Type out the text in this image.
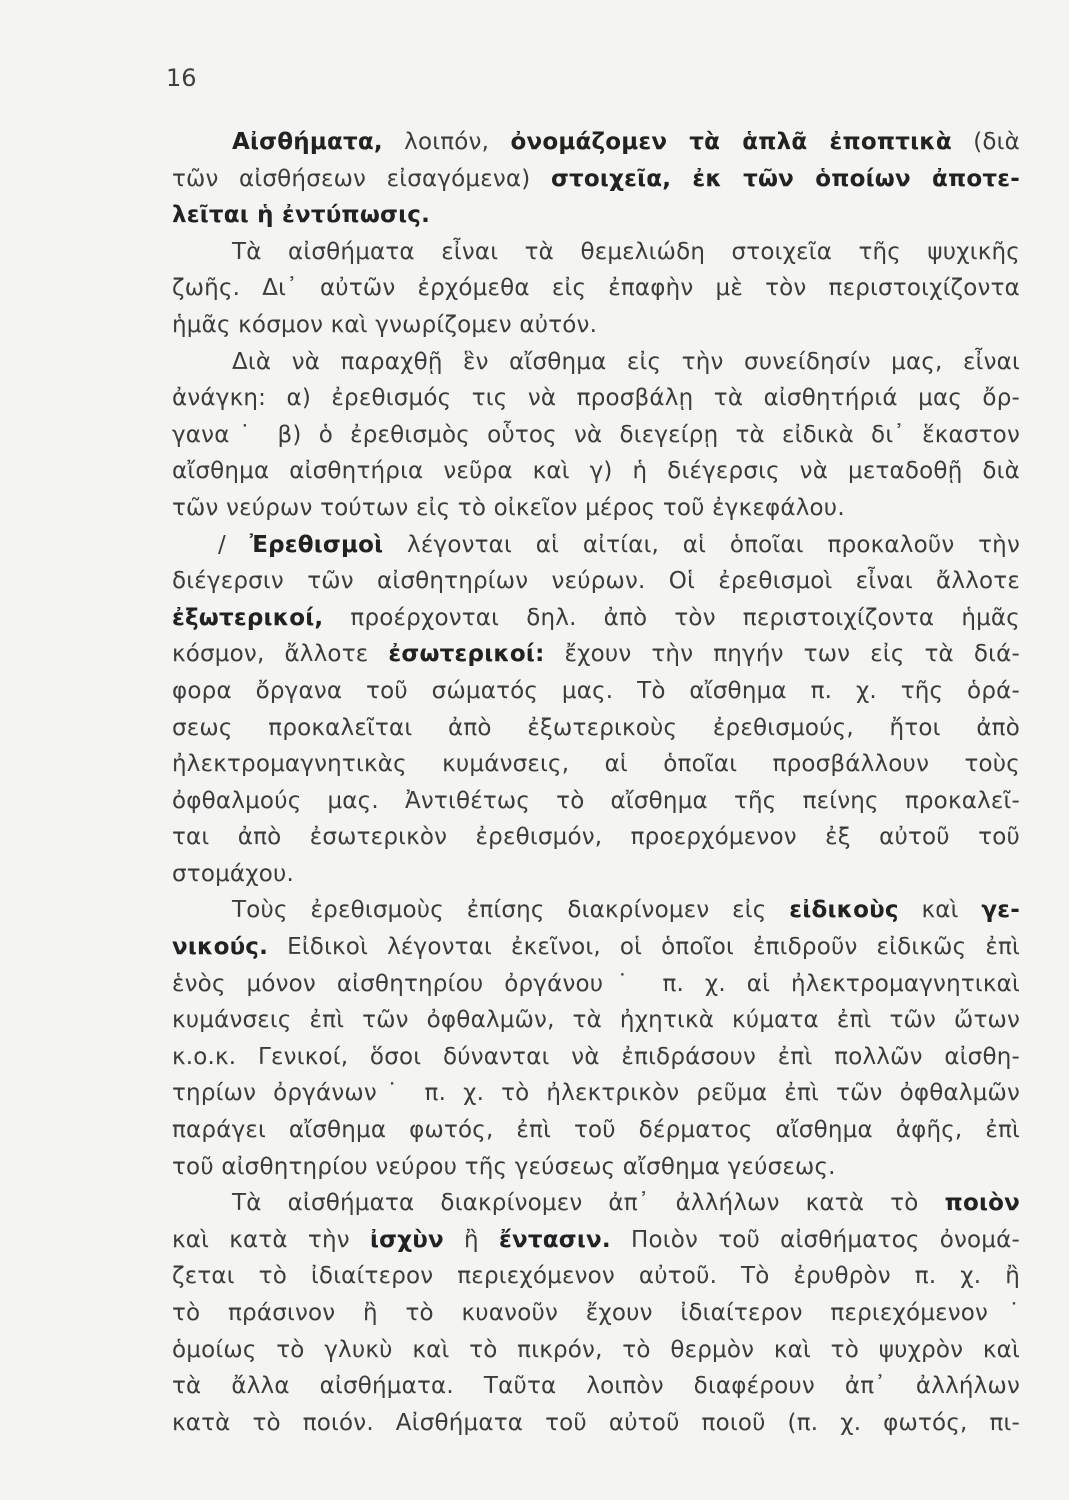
16
Αἰσθήματα, λοιπόν, ὀνομάζομεν τὰ ἁπλᾶ ἐποπτικὰ (διὰ
τῶν αἰσθήσεων εἰσαγόμενα) στοιχεῖα, ἐκ τῶν ὁποίων ἀποτε-
λεῖται ἡ ἐντύπωσις.
Τὰ αἰσθήματα εἶναι τὰ θεμελιώδη στοιχεῖα τῆς ψυχικῆς
ζωῆς. Δι᾽ αὐτῶν ἐρχόμεθα εἰς ἐπαφὴν μὲ τὸν περιστοιχίζοντα
ἡμᾶς κόσμον καὶ γνωρίζομεν αὐτόν.
Διὰ νὰ παραχθῇ ἓν αἴσθημα εἰς τὴν συνείδησίν μας, εἶναι
ἀνάγκη: α) ἐρεθισμός τις νὰ προσβάλῃ τὰ αἰσθητήριά μας ὄρ-
γανα˙ β) ὁ ἐρεθισμὸς οὗτος νὰ διεγείρῃ τὰ εἰδικὰ δι᾽ ἕκαστον
αἴσθημα αἰσθητήρια νεῦρα καὶ γ) ἡ διέγερσις νὰ μεταδοθῇ διὰ
τῶν νεύρων τούτων εἰς τὸ οἰκεῖον μέρος τοῦ ἐγκεφάλου.
/ Ἐρεθισμοὶ λέγονται αἱ αἰτίαι, αἱ ὁποῖαι προκαλοῦν τὴν
διέγερσιν τῶν αἰσθητηρίων νεύρων. Οἱ ἐρεθισμοὶ εἶναι ἄλλοτε
ἐξωτερικοί, προέρχονται δηλ. ἀπὸ τὸν περιστοιχίζοντα ἡμᾶς
κόσμον, ἄλλοτε ἐσωτερικοί: ἔχουν τὴν πηγήν των εἰς τὰ διά-
φορα ὄργανα τοῦ σώματός μας. Τὸ αἴσθημα π. χ. τῆς ὁρά-
σεως προκαλεῖται ἀπὸ ἐξωτερικοὺς ἐρεθισμούς, ἤτοι ἀπὸ
ἠλεκτρομαγνητικὰς κυμάνσεις, αἱ ὁποῖαι προσβάλλουν τοὺς
ὀφθαλμούς μας. Ἀντιθέτως τὸ αἴσθημα τῆς πείνης προκαλεῖ-
ται ἀπὸ ἐσωτερικὸν ἐρεθισμόν, προερχόμενον ἐξ αὐτοῦ τοῦ
στομάχου.
Τοὺς ἐρεθισμοὺς ἐπίσης διακρίνομεν εἰς εἰδικοὺς καὶ γε-
νικούς. Εἰδικοὶ λέγονται ἐκεῖνοι, οἱ ὁποῖοι ἐπιδροῦν εἰδικῶς ἐπὶ
ἑνὸς μόνον αἰσθητηρίου ὀργάνου˙ π. χ. αἱ ἠλεκτρομαγνητικαὶ
κυμάνσεις ἐπὶ τῶν ὀφθαλμῶν, τὰ ἠχητικὰ κύματα ἐπὶ τῶν ὤτων
κ.ο.κ. Γενικοί, ὅσοι δύνανται νὰ ἐπιδράσουν ἐπὶ πολλῶν αἰσθη-
τηρίων ὀργάνων˙ π. χ. τὸ ἠλεκτρικὸν ρεῦμα ἐπὶ τῶν ὀφθαλμῶν
παράγει αἴσθημα φωτός, ἐπὶ τοῦ δέρματος αἴσθημα ἀφῆς, ἐπὶ
τοῦ αἰσθητηρίου νεύρου τῆς γεύσεως αἴσθημα γεύσεως.
Τὰ αἰσθήματα διακρίνομεν ἀπ᾽ ἀλλήλων κατὰ τὸ ποιὸν
καὶ κατὰ τὴν ἰσχὺν ἢ ἔντασιν. Ποιὸν τοῦ αἰσθήματος ὀνομά-
ζεται τὸ ἰδιαίτερον περιεχόμενον αὐτοῦ. Τὸ ἐρυθρὸν π. χ. ἢ
τὸ πράσινον ἢ τὸ κυανοῦν ἔχουν ἰδιαίτερον περιεχόμενον˙
ὁμοίως τὸ γλυκὺ καὶ τὸ πικρόν, τὸ θερμὸν καὶ τὸ ψυχρὸν καὶ
τὰ ἄλλα αἰσθήματα. Ταῦτα λοιπὸν διαφέρουν ἀπ᾽ ἀλλήλων
κατὰ τὸ ποιόν. Αἰσθήματα τοῦ αὐτοῦ ποιοῦ (π. χ. φωτός, πι-
